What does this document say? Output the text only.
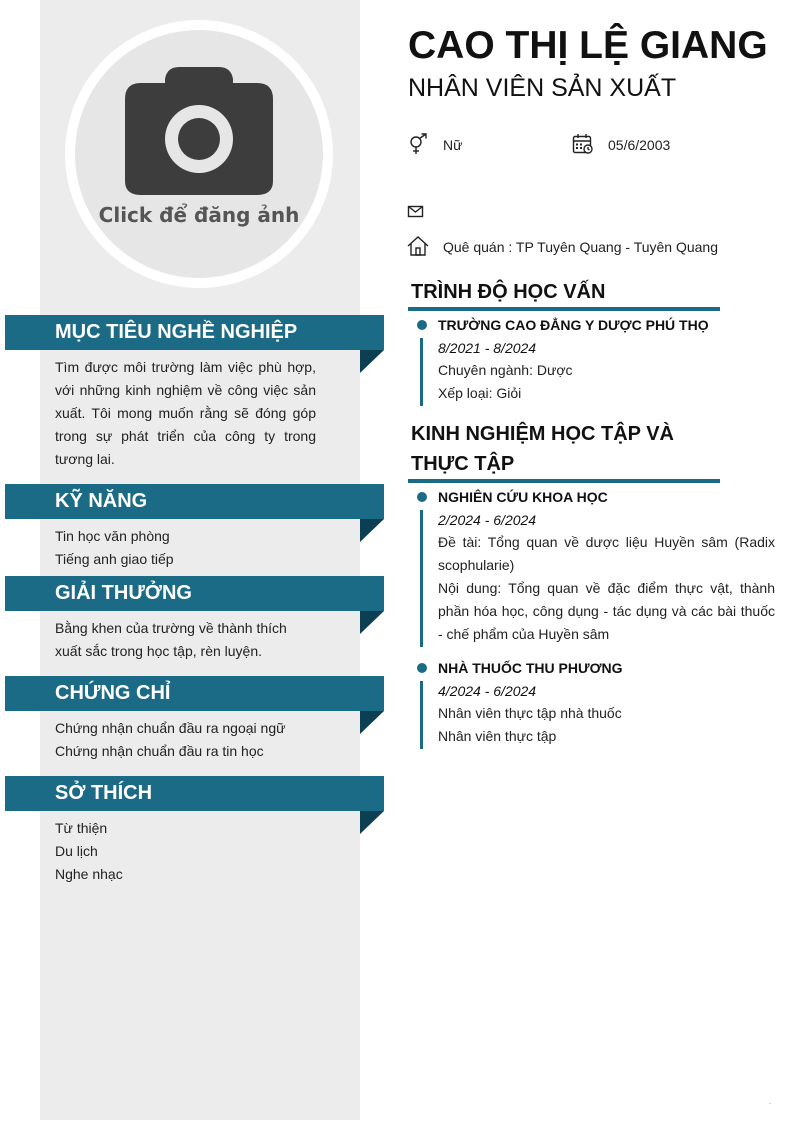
Click để đăng ảnh
MỤC TIÊU NGHỀ NGHIỆP
Tìm được môi trường làm việc phù hợp, với những kinh nghiệm về công việc sản xuất. Tôi mong muốn rằng sẽ đóng góp trong sự phát triển của công ty trong tương lai.
KỸ NĂNG
Tin học văn phòng
Tiếng anh giao tiếp
GIẢI THƯỞNG
Bằng khen của trường về thành thích xuất sắc trong học tập, rèn luyện.
CHỨNG CHỈ
Chứng nhận chuẩn đầu ra ngoại ngữ
Chứng nhận chuẩn đầu ra tin học
SỞ THÍCH
Từ thiện
Du lịch
Nghe nhạc
CAO THỊ LỆ GIANG
NHÂN VIÊN SẢN XUẤT
Nữ	05/6/2003
Quê quán : TP Tuyên Quang - Tuyên Quang
TRÌNH ĐỘ HỌC VẤN
TRƯỜNG CAO ĐẲNG Y DƯỢC PHÚ THỌ
8/2021 - 8/2024
Chuyên ngành: Dược
Xếp loại: Giỏi
KINH NGHIỆM HỌC TẬP VÀ THỰC TẬP
NGHIÊN CỨU KHOA HỌC
2/2024 - 6/2024
Đề tài: Tổng quan về dược liệu Huyền sâm (Radix scophularie)
Nội dung: Tổng quan về đặc điểm thực vật, thành phần hóa học, công dụng - tác dụng và các bài thuốc - chế phẩm của Huyền sâm
NHÀ THUỐC THU PHƯƠNG
4/2024 - 6/2024
Nhân viên thực tập nhà thuốc
Nhân viên thực tập
.
